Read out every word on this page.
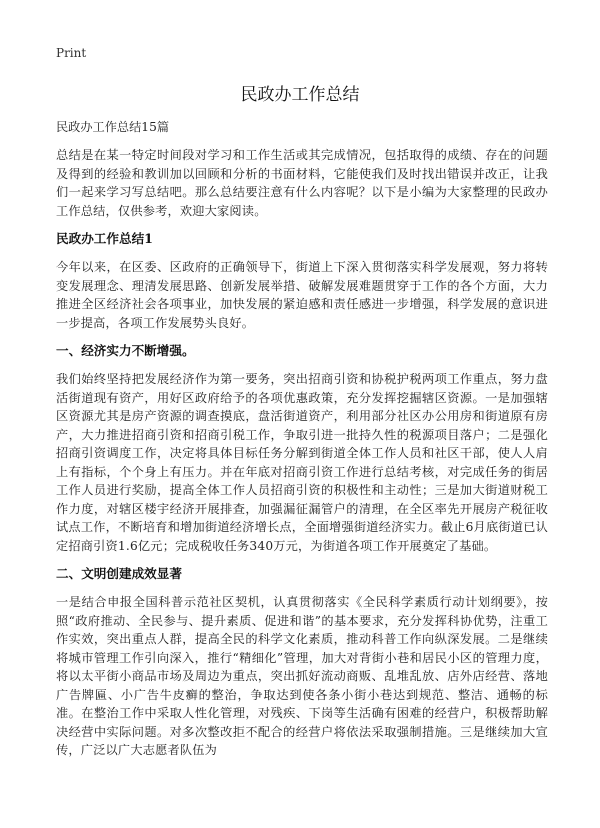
Print
民政办工作总结
民政办工作总结15篇

总结是在某一特定时间段对学习和工作生活或其完成情况，包括取得的成绩、存在的问题及得到的经验和教训加以回顾和分析的书面材料，它能使我们及时找出错误并改正，让我们一起来学习写总结吧。那么总结要注意有什么内容呢？以下是小编为大家整理的民政办工作总结，仅供参考，欢迎大家阅读。

民政办工作总结1

今年以来，在区委、区政府的正确领导下，街道上下深入贯彻落实科学发展观，努力将转变发展理念、理清发展思路、创新发展举措、破解发展难题贯穿于工作的各个方面，大力推进全区经济社会各项事业，加快发展的紧迫感和责任感进一步增强，科学发展的意识进一步提高，各项工作发展势头良好。

一、经济实力不断增强。

我们始终坚持把发展经济作为第一要务，突出招商引资和协税护税两项工作重点，努力盘活街道现有资产，用好区政府给予的各项优惠政策，充分发挥挖掘辖区资源。一是加强辖区资源尤其是房产资源的调查摸底，盘活街道资产，利用部分社区办公用房和街道原有房产，大力推进招商引资和招商引税工作，争取引进一批持久性的税源项目落户；二是强化招商引资调度工作，决定将具体目标任务分解到街道全体工作人员和社区干部，使人人肩上有指标，个个身上有压力。并在年底对招商引资工作进行总结考核，对完成任务的街居工作人员进行奖励，提高全体工作人员招商引资的积极性和主动性；三是加大街道财税工作力度，对辖区楼宇经济开展排查，加强漏征漏管户的清理，在全区率先开展房产税征收试点工作，不断培育和增加街道经济增长点，全面增强街道经济实力。截止6月底街道已认定招商引资1.6亿元；完成税收任务340万元，为街道各项工作开展奠定了基础。

二、文明创建成效显著

一是结合申报全国科普示范社区契机，认真贯彻落实《全民科学素质行动计划纲要》，按照“政府推动、全民参与、提升素质、促进和谐”的基本要求，充分发挥科协优势，注重工作实效，突出重点人群，提高全民的科学文化素质，推动科普工作向纵深发展。二是继续将城市管理工作引向深入，推行“精细化”管理，加大对背街小巷和居民小区的管理力度，将以太平街小商品市场及周边为重点，突出抓好流动商贩、乱堆乱放、店外店经营、落地广告牌匾、小广告牛皮癣的整治，争取达到使各条小街小巷达到规范、整洁、通畅的标准。在整治工作中采取人性化管理，对残疾、下岗等生活确有困难的经营户，积极帮助解决经营中实际问题。对多次整改拒不配合的经营户将依法采取强制措施。三是继续加大宣传，广泛以广大志愿者队伍为
